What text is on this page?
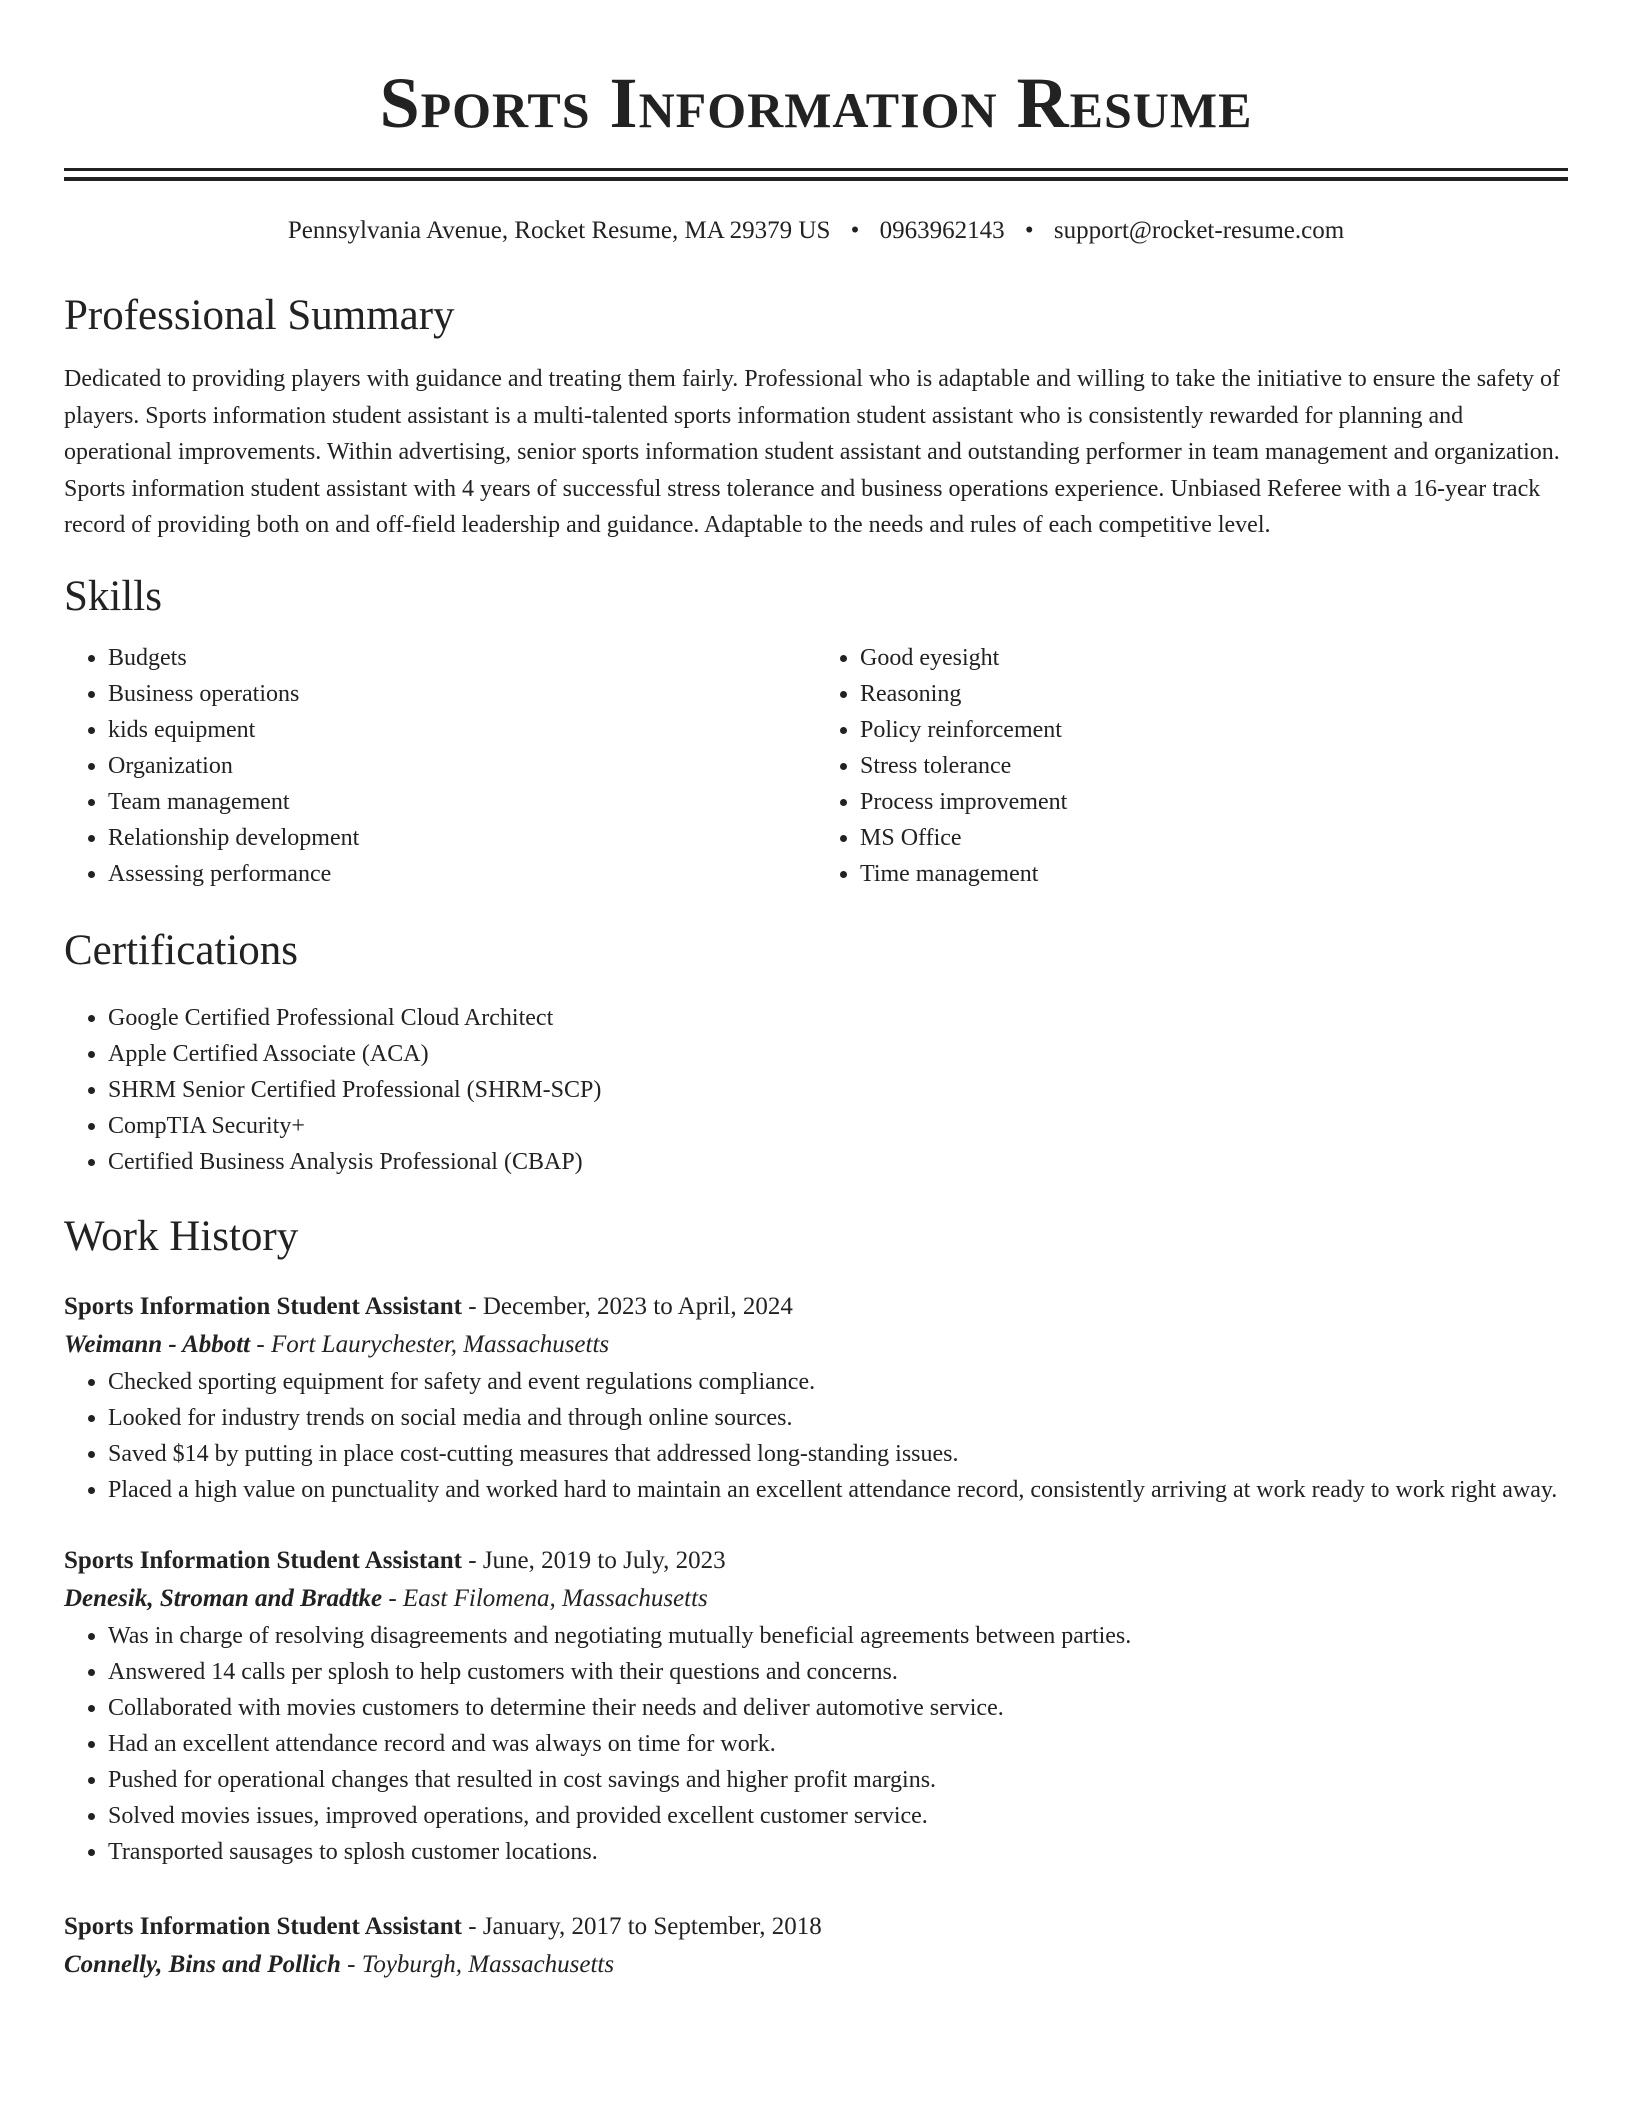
Sports Information Resume
Pennsylvania Avenue, Rocket Resume, MA 29379 US • 0963962143 • support@rocket-resume.com
Professional Summary

Dedicated to providing players with guidance and treating them fairly. Professional who is adaptable and willing to take the initiative to ensure the safety of players. Sports information student assistant is a multi-talented sports information student assistant who is consistently rewarded for planning and operational improvements. Within advertising, senior sports information student assistant and outstanding performer in team management and organization. Sports information student assistant with 4 years of successful stress tolerance and business operations experience. Unbiased Referee with a 16-year track record of providing both on and off-field leadership and guidance. Adaptable to the needs and rules of each competitive level.

Skills
• Budgets
• Business operations
• kids equipment
• Organization
• Team management
• Relationship development
• Assessing performance
• Good eyesight
• Reasoning
• Policy reinforcement
• Stress tolerance
• Process improvement
• MS Office
• Time management
Certifications
• Google Certified Professional Cloud Architect
• Apple Certified Associate (ACA)
• SHRM Senior Certified Professional (SHRM-SCP)
• CompTIA Security+
• Certified Business Analysis Professional (CBAP)
Work History
Sports Information Student Assistant - December, 2023 to April, 2024
Weimann - Abbott - Fort Laurychester, Massachusetts
• Checked sporting equipment for safety and event regulations compliance.
• Looked for industry trends on social media and through online sources.
• Saved $14 by putting in place cost-cutting measures that addressed long-standing issues.
• Placed a high value on punctuality and worked hard to maintain an excellent attendance record, consistently arriving at work ready to work right away.
Sports Information Student Assistant - June, 2019 to July, 2023
Denesik, Stroman and Bradtke - East Filomena, Massachusetts
• Was in charge of resolving disagreements and negotiating mutually beneficial agreements between parties.
• Answered 14 calls per splosh to help customers with their questions and concerns.
• Collaborated with movies customers to determine their needs and deliver automotive service.
• Had an excellent attendance record and was always on time for work.
• Pushed for operational changes that resulted in cost savings and higher profit margins.
• Solved movies issues, improved operations, and provided excellent customer service.
• Transported sausages to splosh customer locations.
Sports Information Student Assistant - January, 2017 to September, 2018
Connelly, Bins and Pollich - Toyburgh, Massachusetts
